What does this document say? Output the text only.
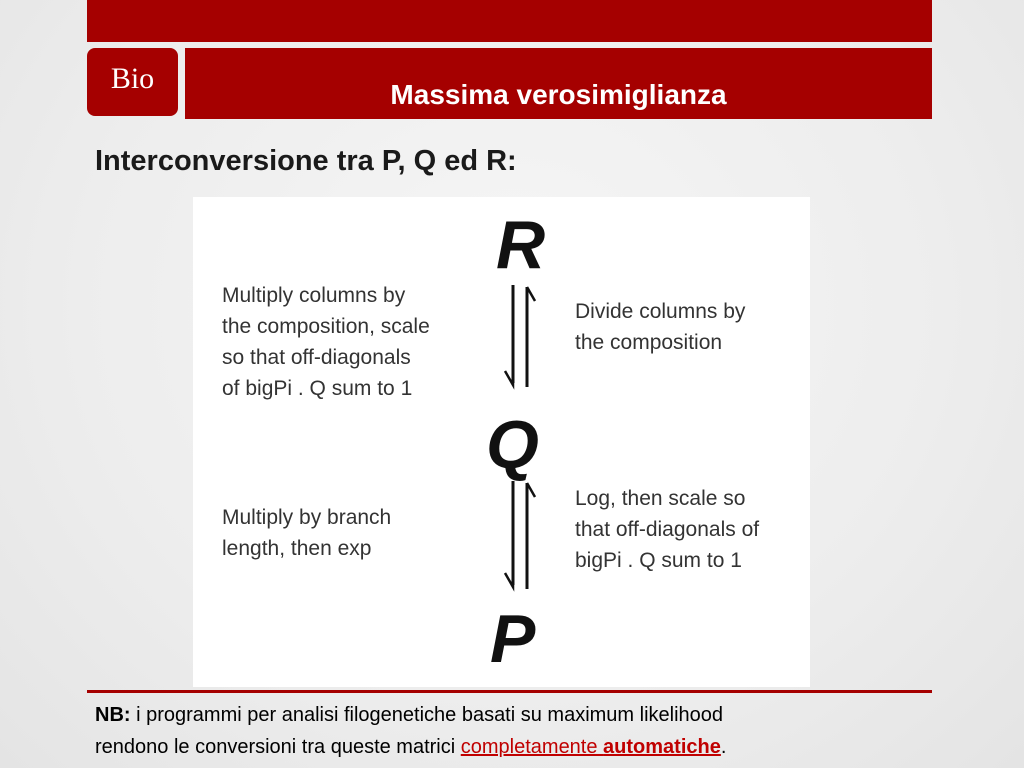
Bio	Massima verosimiglianza
Interconversione tra P, Q ed R:
R
Q
P
Multiply columns by
the composition, scale
so that off-diagonals
of bigPi . Q sum to 1
Divide columns by
the composition
Multiply by branch
length, then exp
Log, then scale so
that off-diagonals of
bigPi . Q sum to 1
NB: i programmi per analisi filogenetiche basati su maximum likelihood
rendono le conversioni tra queste matrici completamente automatiche.
